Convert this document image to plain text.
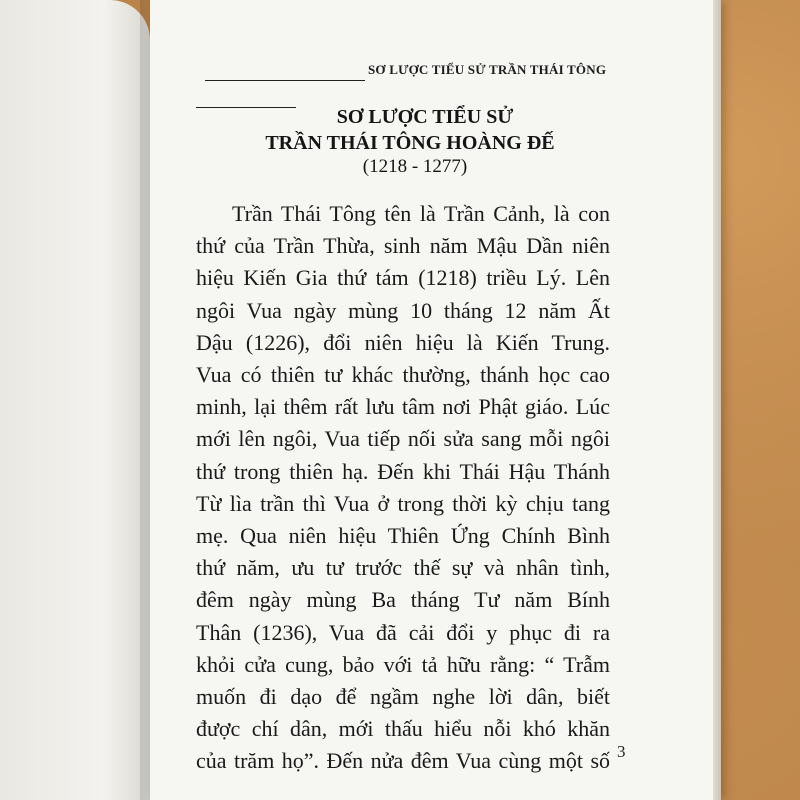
SƠ LƯỢC TIỂU SỬ TRẦN THÁI TÔNG
SƠ LƯỢC TIỂU SỬ
TRẦN THÁI TÔNG HOÀNG ĐẾ
(1218 - 1277)
Trần Thái Tông tên là Trần Cảnh, là con
thứ của Trần Thừa, sinh năm Mậu Dần niên
hiệu Kiến Gia thứ tám (1218) triều Lý. Lên
ngôi Vua ngày mùng 10 tháng 12 năm Ất
Dậu (1226), đổi niên hiệu là Kiến Trung.
Vua có thiên tư khác thường, thánh học cao
minh, lại thêm rất lưu tâm nơi Phật giáo. Lúc
mới lên ngôi, Vua tiếp nối sửa sang mỗi ngôi
thứ trong thiên hạ. Đến khi Thái Hậu Thánh
Từ lìa trần thì Vua ở trong thời kỳ chịu tang
mẹ. Qua niên hiệu Thiên Ứng Chính Bình
thứ năm, ưu tư trước thế sự và nhân tình,
đêm ngày mùng Ba tháng Tư năm Bính
Thân (1236), Vua đã cải đổi y phục đi ra
khỏi cửa cung, bảo với tả hữu rằng: “ Trẫm
muốn đi dạo để ngầm nghe lời dân, biết
được chí dân, mới thấu hiểu nỗi khó khăn
của trăm họ”. Đến nửa đêm Vua cùng một số 3
